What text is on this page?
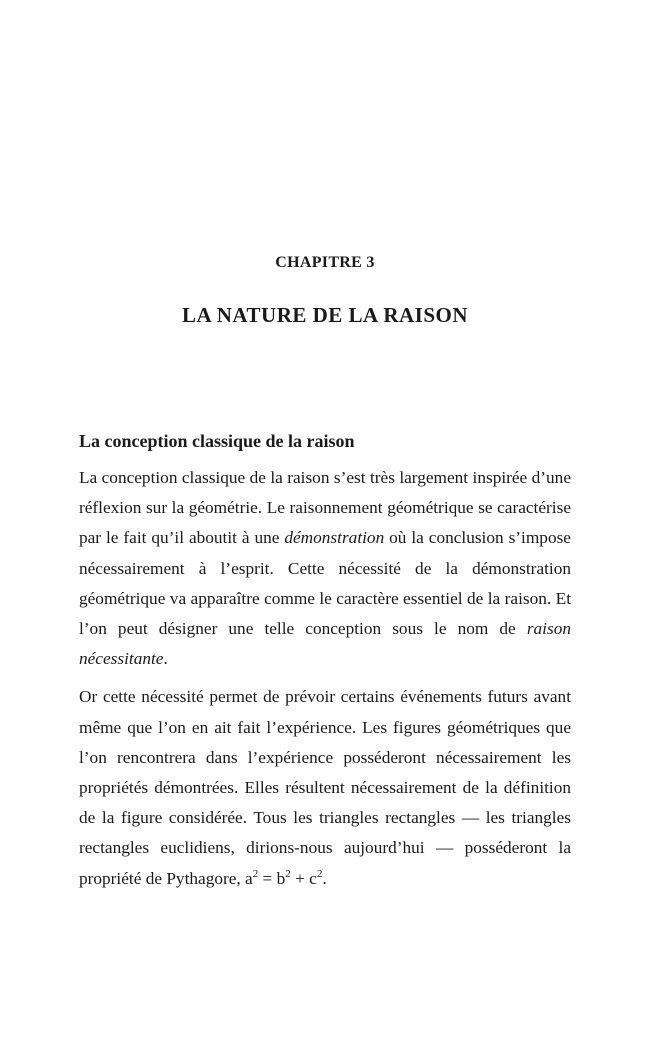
CHAPITRE 3
LA NATURE DE LA RAISON
La conception classique de la raison

La conception classique de la raison s’est très largement inspirée d’une réflexion sur la géométrie. Le raisonnement géométrique se caractérise par le fait qu’il aboutit à une démonstration où la conclusion s’impose nécessairement à l’esprit. Cette nécessité de la démonstration géométrique va apparaître comme le caractère essentiel de la raison. Et l’on peut désigner une telle conception sous le nom de raison nécessitante.

Or cette nécessité permet de prévoir certains événements futurs avant même que l’on en ait fait l’expérience. Les figures géométriques que l’on rencontrera dans l’expérience posséderont nécessairement les propriétés démontrées. Elles résultent nécessairement de la définition de la figure considérée. Tous les triangles rectangles — les triangles rectangles euclidiens, dirions-nous aujourd’hui — posséderont la propriété de Pythagore, $a^2 = b^2 + c^2$.
